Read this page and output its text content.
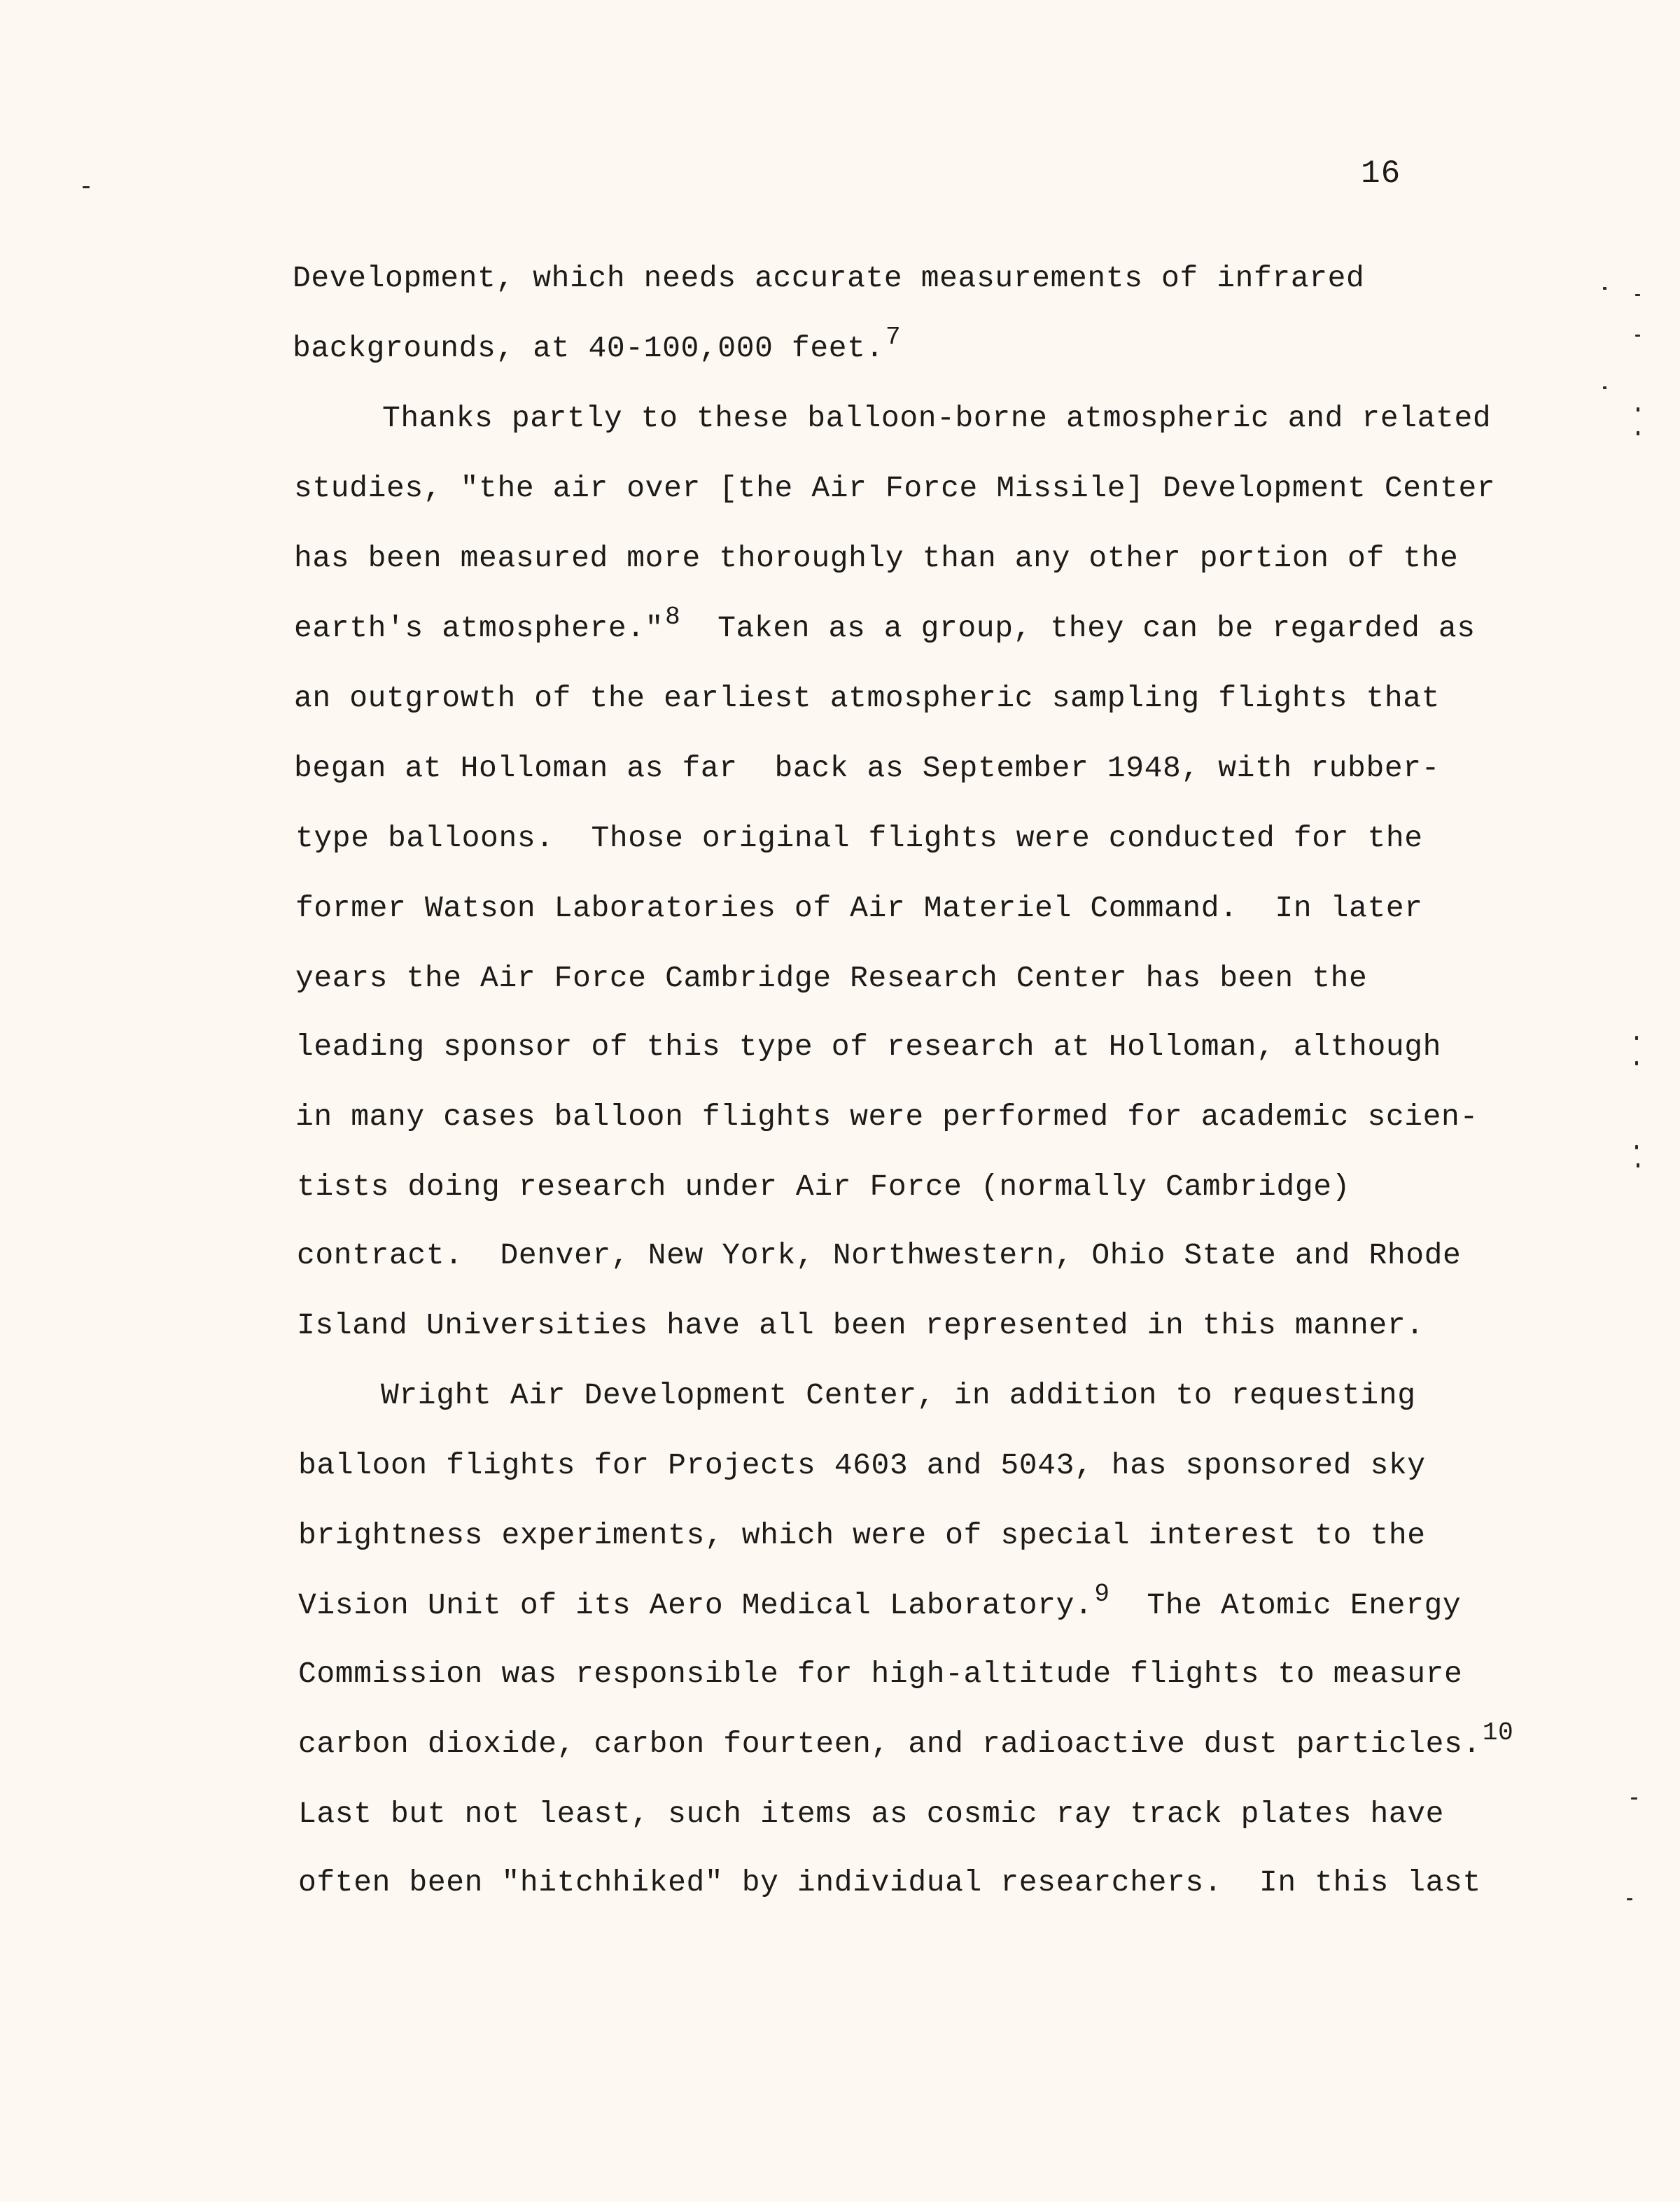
16
Development, which needs accurate measurements of infrared
backgrounds, at 40-100,000 feet.$^7$
Thanks partly to these balloon-borne atmospheric and related
studies, "the air over [the Air Force Missile] Development Center
has been measured more thoroughly than any other portion of the
earth's atmosphere."$^8$ Taken as a group, they can be regarded as
an outgrowth of the earliest atmospheric sampling flights that
began at Holloman as far  back as September 1948, with rubber-
type balloons.  Those original flights were conducted for the
former Watson Laboratories of Air Materiel Command.  In later
years the Air Force Cambridge Research Center has been the
leading sponsor of this type of research at Holloman, although
in many cases balloon flights were performed for academic scien-
tists doing research under Air Force (normally Cambridge)
contract.  Denver, New York, Northwestern, Ohio State and Rhode
Island Universities have all been represented in this manner.
Wright Air Development Center, in addition to requesting
balloon flights for Projects 4603 and 5043, has sponsored sky
brightness experiments, which were of special interest to the
Vision Unit of its Aero Medical Laboratory.$^9$ The Atomic Energy
Commission was responsible for high-altitude flights to measure
carbon dioxide, carbon fourteen, and radioactive dust particles.$^{10}$
Last but not least, such items as cosmic ray track plates have
often been "hitchhiked" by individual researchers.  In this last
